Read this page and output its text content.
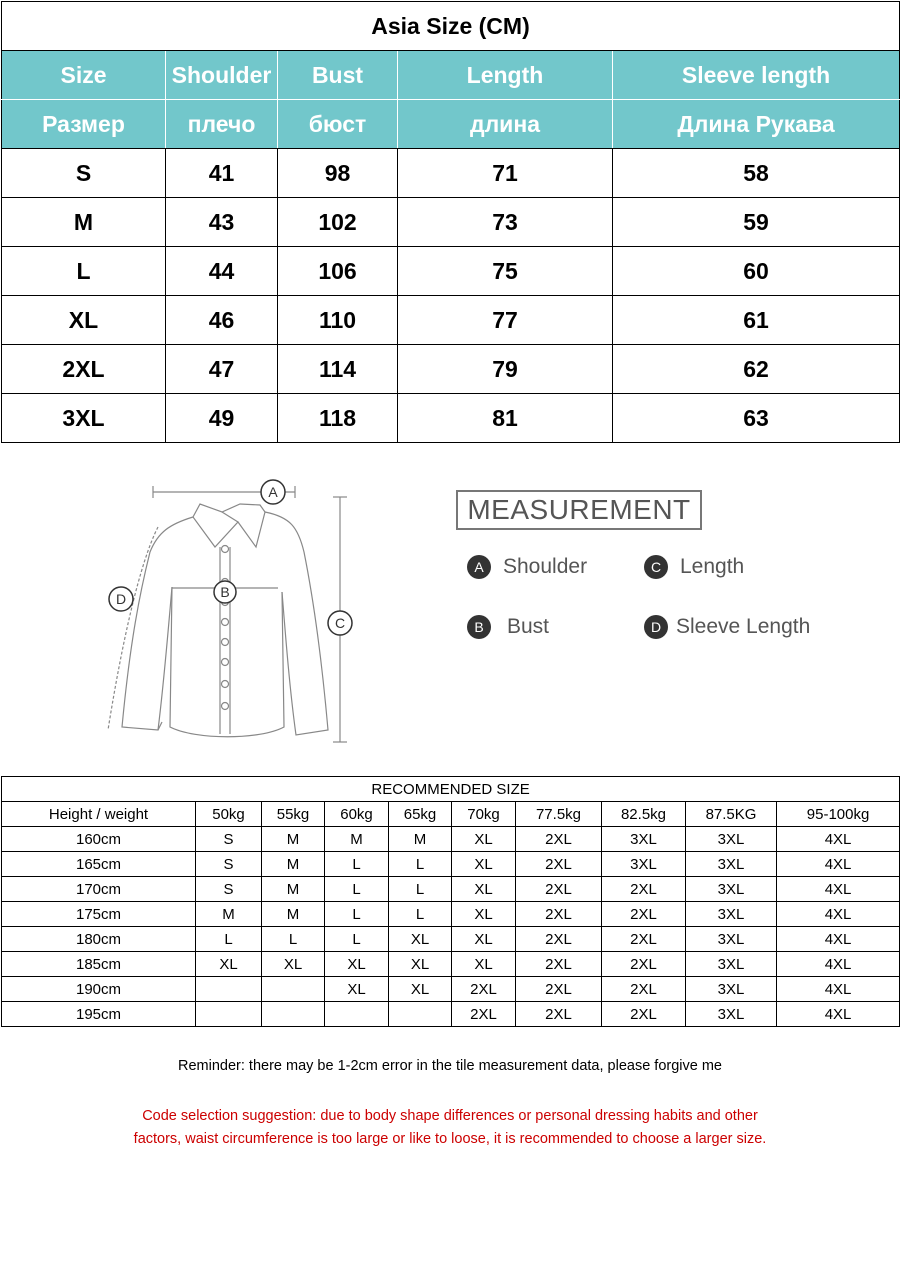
Asia Size (CM)				
Size	Shoulder	Bust	Length	Sleeve length
Размер	плечо	бюст	длина	Длина Рукава
S	41	98	71	58
M	43	102	73	59
L	44	106	75	60
XL	46	110	77	61
2XL	47	114	79	62
3XL	49	118	81	63
A
B
C
D
MEASUREMENT
A Shoulder
B	Bust
C Length
D Sleeve Length
RECOMMENDED SIZE									
Height / weight	50kg	55kg	60kg	65kg	70kg	77.5kg	82.5kg	87.5KG	95-100kg
160cm	S	M	M	M	XL	2XL	3XL	3XL	4XL
165cm	S	M	L	L	XL	2XL	3XL	3XL	4XL
170cm	S	M	L	L	XL	2XL	2XL	3XL	4XL
175cm	M	M	L	L	XL	2XL	2XL	3XL	4XL
180cm	L	L	L	XL	XL	2XL	2XL	3XL	4XL
185cm	XL	XL	XL	XL	XL	2XL	2XL	3XL	4XL
190cm			XL	XL	2XL	2XL	2XL	3XL	4XL
195cm					2XL	2XL	2XL	3XL	4XL
Reminder: there may be 1-2cm error in the tile measurement data, please forgive me
Code selection suggestion: due to body shape differences or personal dressing habits and other
factors, waist circumference is too large or like to loose, it is recommended to choose a larger size.
